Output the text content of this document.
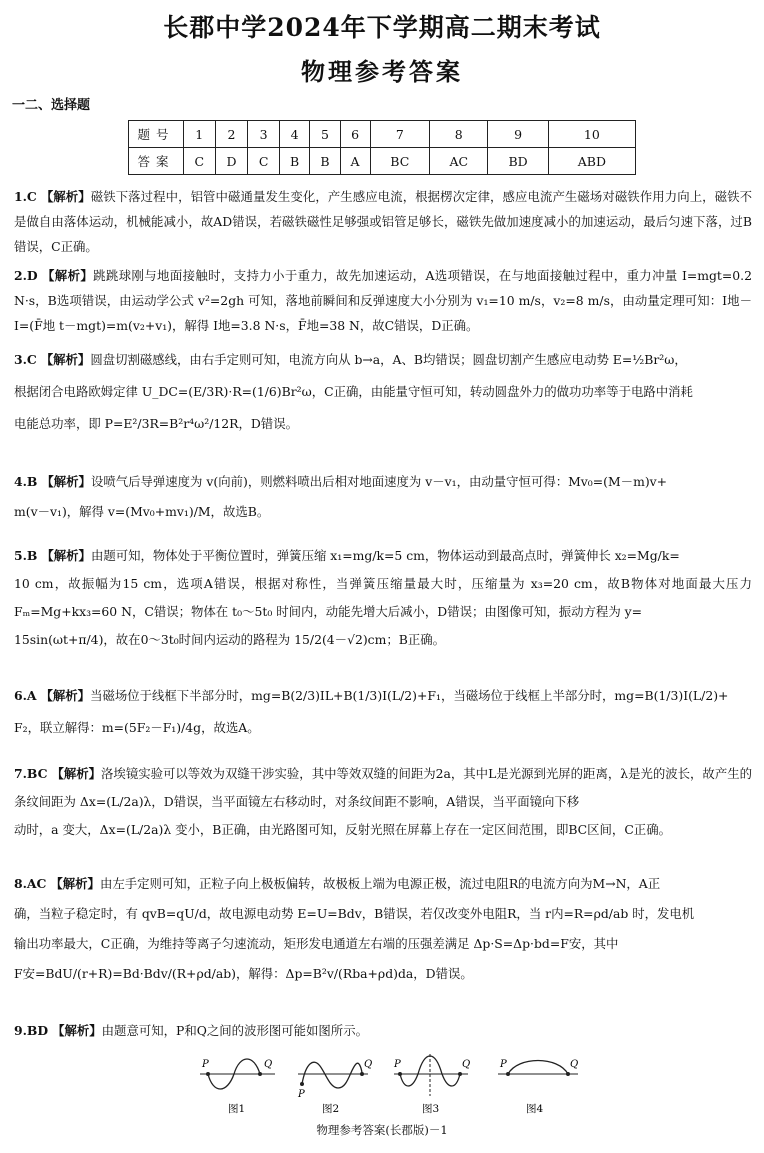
长郡中学2024年下学期高二期末考试
物理参考答案
一二、选择题
题号	1	2	3	4	5	6	7	8	9	10
答案	C	D	C	B	B	A	BC	AC	BD	ABD

1.C 【解析】磁铁下落过程中，铝管中磁通量发生变化，产生感应电流，根据楞次定律，感应电流产生磁场对磁铁作用力向上，磁铁不是做自由落体运动，机械能减小，故AD错误，若磁铁磁性足够强或铝管足够长，磁铁先做加速度减小的加速运动，最后匀速下落，过B错误，C正确。

2.D 【解析】跳跳球刚与地面接触时，支持力小于重力，故先加速运动，A选项错误，在与地面接触过程中，重力冲量 I=mgt=0.2 N·s，B选项错误，由运动学公式 v²=2gh 可知，落地前瞬间和反弹速度大小分别为 v₁=10 m/s，v₂=8 m/s，由动量定理可知：I地－I=(F̄地 t－mgt)=m(v₂+v₁)，解得 I地=3.8 N·s，F̄地=38 N，故C错误，D正确。

3.C 【解析】圆盘切割磁感线，由右手定则可知，电流方向从 b→a，A、B均错误；圆盘切割产生感应电动势 E=½Br²ω，

根据闭合电路欧姆定律 U_DC=(E/3R)·R=(1/6)Br²ω，C正确，由能量守恒可知，转动圆盘外力的做功功率等于电路中消耗

电能总功率，即 P=E²/3R=B²r⁴ω²/12R，D错误。

4.B 【解析】设喷气后导弹速度为 v(向前)，则燃料喷出后相对地面速度为 v－v₁，由动量守恒可得：Mv₀=(M－m)v+

m(v－v₁)，解得 v=(Mv₀+mv₁)/M，故选B。

5.B 【解析】由题可知，物体处于平衡位置时，弹簧压缩 x₁=mg/k=5 cm，物体运动到最高点时，弹簧伸长 x₂=Mg/k=

10 cm，故振幅为15 cm，选项A错误，根据对称性，当弹簧压缩量最大时，压缩量为 x₃=20 cm，故B物体对地面最大压力 Fₘ=Mg+kx₃=60 N，C错误；物体在 t₀～5t₀ 时间内，动能先增大后减小，D错误；由图像可知，振动方程为 y=

15sin(ωt+π/4)，故在0～3t₀时间内运动的路程为 15/2(4－√2)cm；B正确。

6.A 【解析】当磁场位于线框下半部分时，mg=B(2/3)IL+B(1/3)I(L/2)+F₁，当磁场位于线框上半部分时，mg=B(1/3)I(L/2)+

F₂，联立解得：m=(5F₂－F₁)/4g，故选A。

7.BC 【解析】洛埃镜实验可以等效为双缝干涉实验，其中等效双缝的间距为2a，其中L是光源到光屏的距离，λ是光的波长，故产生的条纹间距为 Δx=(L/2a)λ，D错误，当平面镜左右移动时，对条纹间距不影响，A错误，当平面镜向下移

动时，a 变大，Δx=(L/2a)λ 变小，B正确，由光路图可知，反射光照在屏幕上存在一定区间范围，即BC区间，C正确。

8.AC 【解析】由左手定则可知，正粒子向上极板偏转，故极板上端为电源正极，流过电阻R的电流方向为M→N，A正

确，当粒子稳定时，有 qvB=qU/d，故电源电动势 E=U=Bdv，B错误，若仅改变外电阻R，当 r内=R=ρd/ab 时，发电机

输出功率最大，C正确，为维持等离子匀速流动，矩形发电通道左右端的压强差满足 Δp·S=Δp·bd=F安，其中

F安=BdU/(r+R)=Bd·Bdv/(R+ρd/ab)，解得：Δp=B²v/(Rba+ρd)da，D错误。

9.BD 【解析】由题意可知，P和Q之间的波形图可能如图所示。

P	Q
图1
P
Q
图2
P	Q
图3
P	Q
图4
物理参考答案(长郡版)－1
